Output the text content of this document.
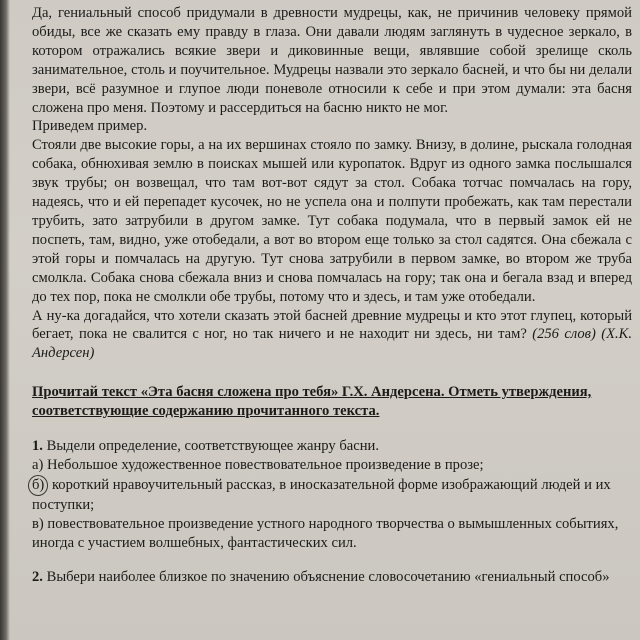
Да, гениальный способ придумали в древности мудрецы, как, не причинив человеку прямой обиды, все же сказать ему правду в глаза. Они давали людям заглянуть в чудесное зеркало, в котором отражались всякие звери и диковинные вещи, являвшие собой зрелище сколь занимательное, столь и поучительное. Мудрецы назвали это зеркало басней, и что бы ни делали звери, всё разумное и глупое люди поневоле относили к себе и при этом думали: эта басня сложена про меня. Поэтому и рассердиться на басню никто не мог.

Приведем пример.

Стояли две высокие горы, а на их вершинах стояло по замку. Внизу, в долине, рыскала голодная собака, обнюхивая землю в поисках мышей или куропаток. Вдруг из одного замка послышался звук трубы; он возвещал, что там вот-вот сядут за стол. Собака тотчас помчалась на гору, надеясь, что и ей перепадет кусочек, но не успела она и полпути пробежать, как там перестали трубить, зато затрубили в другом замке. Тут собака подумала, что в первый замок ей не поспеть, там, видно, уже отобедали, а вот во втором еще только за стол садятся. Она сбежала с этой горы и помчалась на другую. Тут снова затрубили в первом замке, во втором же труба смолкла. Собака снова сбежала вниз и снова помчалась на гору; так она и бегала взад и вперед до тех пор, пока не смолкли обе трубы, потому что и здесь, и там уже отобедали.

А ну-ка догадайся, что хотели сказать этой басней древние мудрецы и кто этот глупец, который бегает, пока не свалится с ног, но так ничего и не находит ни здесь, ни там? (256 слов) (Х.К. Андерсен)

Прочитай текст «Эта басня сложена про тебя» Г.Х. Андерсена. Отметь утверждения, соответствующие содержанию прочитанного текста.

1. Выдели определение, соответствующее жанру басни.

а) Небольшое художественное повествовательное произведение в прозе;

б) короткий нравоучительный рассказ, в иносказательной форме изображающий людей и их поступки;

в) повествовательное произведение устного народного творчества о вымышленных событиях, иногда с участием волшебных, фантастических сил.

2. Выбери наиболее близкое по значению объяснение словосочетанию «гениальный способ»
